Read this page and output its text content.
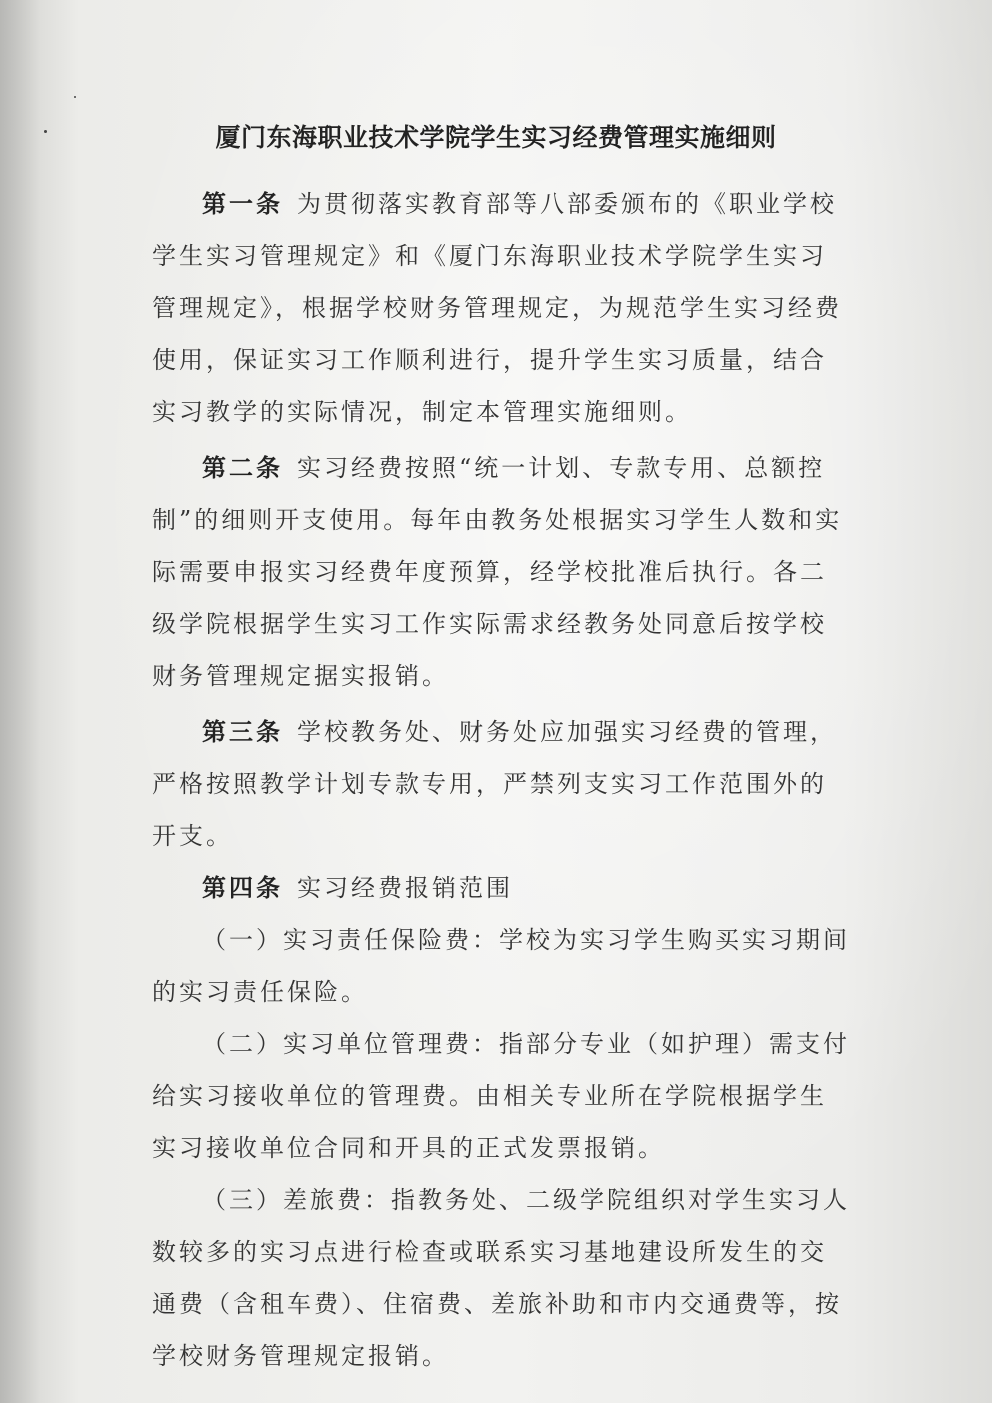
厦门东海职业技术学院学生实习经费管理实施细则

第一条 为贯彻落实教育部等八部委颁布的《职业学校学生实习管理规定》和《厦门东海职业技术学院学生实习管理规定》，根据学校财务管理规定，为规范学生实习经费使用，保证实习工作顺利进行，提升学生实习质量，结合实习教学的实际情况，制定本管理实施细则。

第二条 实习经费按照“统一计划、专款专用、总额控制”的细则开支使用。每年由教务处根据实习学生人数和实际需要申报实习经费年度预算，经学校批准后执行。各二级学院根据学生实习工作实际需求经教务处同意后按学校财务管理规定据实报销。

第三条 学校教务处、财务处应加强实习经费的管理，严格按照教学计划专款专用，严禁列支实习工作范围外的开支。

第四条 实习经费报销范围

（一）实习责任保险费：学校为实习学生购买实习期间的实习责任保险。

（二）实习单位管理费：指部分专业（如护理）需支付给实习接收单位的管理费。由相关专业所在学院根据学生实习接收单位合同和开具的正式发票报销。

（三）差旅费：指教务处、二级学院组织对学生实习人数较多的实习点进行检查或联系实习基地建设所发生的交通费（含租车费）、住宿费、差旅补助和市内交通费等，按学校财务管理规定报销。
